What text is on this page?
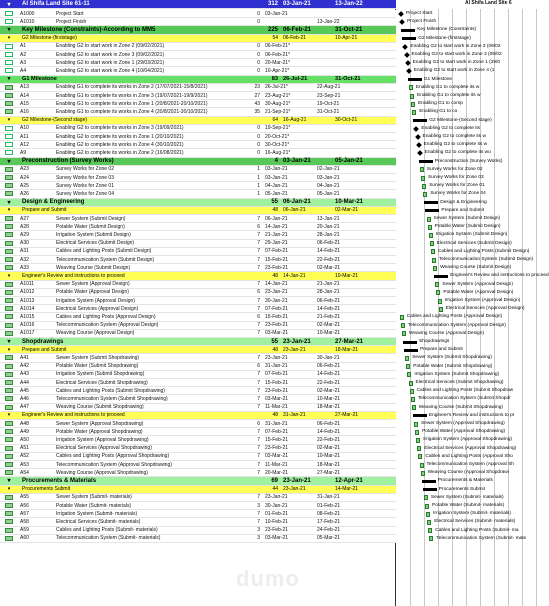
▾	Al Shifa Land Site 61-11	312 03-Jan-21	13-Jan-22
A1000	Project Start	0	03-Jan-21
A1010	Project Finish	0	13-Jan-22
▾	Key Milestone (Constraints)-According to MM5	225 06-Feb-21	31-Oct-21
▾	G2 Milestone-(firststage)	54	06-Feb-21	10-Apr-21
A1	Enabling G2 to start work in Zone 2 (09/02/2021)	0	06-Feb-21*
A2	Enabling G2 to start work in Zone 3 (09/02/2021)	0	06-Feb-21*
A3	Enabling G2 to start work in Zone 1 (29/03/2021)	0	20-Mar-21*
A4	Enabling G2 to start work in Zone 4 (10/04/2021)	0	10-Apr-21*
▾	G1 Milestone	83 26-Jul-21	31-Oct-21
A13	Enabling G1 to complete its works in Zone 2 (17/07/2021-15/8/2021)	23	26-Jul-21*	22-Aug-21
A14	Enabling G1 to complete its works in Zone 3 (19/07/2021-19/9/2021)	27	23-Aug-21*	23-Sep-21
A15	Enabling G1 to complete its works in Zone 1 (20/8/2021-20/10/2021)	43	30-Aug-21*	19-Oct-21
A16	Enabling G1 to complete its works in Zone 4 (20/8/2021-30/10/2021)	35	21-Sep-21*	31-Oct-21
▾	G2 Milestone-(Second stage)	64	16-Aug-21	30-Oct-21
A10	Enabling G2 to complete its works in Zone 3 (19/09/2021)	0	19-Sep-21*
A11	Enabling G2 to complete its works in Zone 1 (20/10/2021)	0	20-Oct-21*
A12	Enabling G2 to complete its works in Zone 4 (30/10/2021)	0	30-Oct-21*
A9	Enabling G2 to complete its works in Zone 2 (16/08/2021)	0	16-Aug-21*
▾	Preconstruction (Survey Works)	4 03-Jan-21	05-Jan-21
A23	Survey Works for Zone 02	1	03-Jan-21	02-Jan-21
A24	Survey Works for Zone 03	1	03-Jan-21	03-Jan-21
A25	Survey Works for Zone 01	1	04-Jan-21	04-Jan-21
A26	Survey Works for Zone 04	1	05-Jan-21	05-Jan-21
▾	Design & Engineering	55 06-Jan-21	10-Mar-21
▾	Prepare and Submit	48	06-Jan-21	02-Mar-21
A27	Sewer System (Submit Design)	7	06-Jan-21	13-Jan-21
A28	Potable Water (Submit Design)	6	14-Jan-21	20-Jan-21
A29	Irrigation System (Submit Design)	7	21-Jan-21	28-Jan-21
A30	Electrical Services (Submit Design)	7	29-Jan-21	06-Feb-21
A31	Cables and Lighting Posts (Submit Design)	7	07-Feb-21	14-Feb-21
A32	Telecommunication System (Submit Design)	7	15-Feb-21	22-Feb-21
A33	Weaving Course (Submit Design)	7	23-Feb-21	02-Mar-21
▾	Engineer's Review and instructions to proceed	48	14-Jan-21	10-Mar-21
A1011	Sewer System (Approval Design)	7	14-Jan-21	21-Jan-21
A1012	Potable Water (Approval Design)	6	23-Jan-21	28-Jan-21
A1013	Irrigation System (Approval Design)	7	30-Jan-21	06-Feb-21
A1014	Electrical Services (Approval Design)	7	07-Feb-21	14-Feb-21
A1015	Cables and Lighting Posts (Approval Design)	6	15-Feb-21	21-Feb-21
A1016	Telecommunication System (Approval Design)	7	23-Feb-21	02-Mar-21
A1017	Weaving Course (Approval Design)	7	03-Mar-21	10-Mar-21
▾	Shopdrawings	55 23-Jan-21	27-Mar-21
▾	Prepare and Submit	48	23-Jan-21	18-Mar-21
A41	Sewer System (Submit Shopdrawing)	7	23-Jan-21	30-Jan-21
A42	Potable Water (Submit Shopdrawing)	6	31-Jan-21	06-Feb-21
A43	Irrigation System (Submit Shopdrawing)	7	07-Feb-21	14-Feb-21
A44	Electrical Services (Submit Shopdrawing)	7	15-Feb-21	22-Feb-21
A45	Cables and Lighting Posts (Submit Shopdrawing)	7	23-Feb-21	02-Mar-21
A46	Telecommunication System (Submit Shopdrawing)	7	03-Mar-21	10-Mar-21
A47	Weaving Course (Submit Shopdrawing)	7	11-Mar-21	18-Mar-21
▾	Engineer's Review and instructions to proceed	48	31-Jan-21	27-Mar-21
A48	Sewer System (Approval Shopdrawing)	6	31-Jan-21	06-Feb-21
A49	Potable Water (Approval Shopdrawing)	7	07-Feb-21	14-Feb-21
A50	Irrigation System (Approval Shopdrawing)	7	15-Feb-21	22-Feb-21
A51	Electrical Services (Approval Shopdrawing)	7	23-Feb-21	02-Mar-21
A52	Cables and Lighting Posts (Approval Shopdrawing)	7	03-Mar-21	10-Mar-21
A53	Telecommunication System (Approval Shopdrawing)	7	11-Mar-21	18-Mar-21
A54	Weaving Course (Approval Shopdrawing)	7	20-Mar-21	27-Mar-21
▾	Procurements & Materials	69 23-Jan-21	12-Apr-21
▾	Procurements Submit	44	23-Jan-21	14-Mar-21
A55	Sewer System (Submit- materials)	7	23-Jan-21	31-Jan-21
A56	Potable Water (Submit- materials)	3	30-Jan-21	01-Feb-21
A57	Irrigation System (Submit- materials)	7	01-Feb-21	08-Feb-21
A58	Electrical Services (Submit- materials)	7	10-Feb-21	17-Feb-21
A59	Cables and Lighting Posts (Submit- materials)	3	23-Feb-21	24-Feb-21
A60	Telecommunication System (Submit- materials)	3	03-Mar-21	05-Mar-21
Al Shifa Land Site 6
Project Start
Project Finish
Key Milestone (Constraints)
G2 Milestone-(firststage)
Enabling G2 to start work in Zone 2 (09/02
Enabling G2 to start work in Zone 3 (09/02
Enabling G2 to start work in Zone 1 (29/0
Enabling G2 to start work in Zone 4 (1
G1 Milestone
Enabling G1 to complete its w
Enabling G1 to complete its w
Enabling G1 to comp
Enabling G1 to co
G2 Milestone-(Second stage)
Enabling G2 to complete its
Enabling G2 to complete its w
Enabling G2 to complete its w
Enabling G2 to complete its wo
Preconstruction (Survey Works)
Survey Works for Zone 02
Survey Works for Zone 03
Survey Works for Zone 01
Survey Works for Zone 04
Design & Engineering
Prepare and Submit
Sewer System (Submit Design)
Potable Water (Submit Design)
Irrigation System (Submit Design)
Electrical Services (Submit Design)
Cables and Lighting Posts (Submit Design)
Telecommunication System (Submit Design)
Weaving Course (Submit Design)
Engineer's Review and instructions to proceed
Sewer System (Approval Design)
Potable Water (Approval Design)
Irrigation System (Approval Design)
Electrical Services (Approval Design)
Cables and Lighting Posts (Approval Design)
Telecommunication System (Approval Design)
Weaving Course (Approval Design)
Shopdrawings
Prepare and Submit
Sewer System (Submit Shopdrawing)
Potable Water (Submit Shopdrawing)
Irrigation System (Submit Shopdrawing)
Electrical Services (Submit Shopdrawing)
Cables and Lighting Posts (Submit Shopdraw
Telecommunication System (Submit Shopdr
Weaving Course (Submit Shopdrawing)
Engineer's Review and instructions to pr
Sewer System (Approval Shopdrawing)
Potable Water (Approval Shopdrawing)
Irrigation System (Approval Shopdrawing)
Electrical Services (Approval Shopdrawing)
Cables and Lighting Posts (Approval Sho
Telecommunication System (Approval Sh
Weaving Course (Approval Shopdrawi
Procurements & Materials
Procurements Submit
Sewer System (Submit- materials)
Potable Water (Submit- materials)
Irrigation System (Submit- materials)
Electrical Services (Submit- materials)
Cables and Lighting Posts (Submit- ma
Telecommunication System (Submit- mate
dumo
